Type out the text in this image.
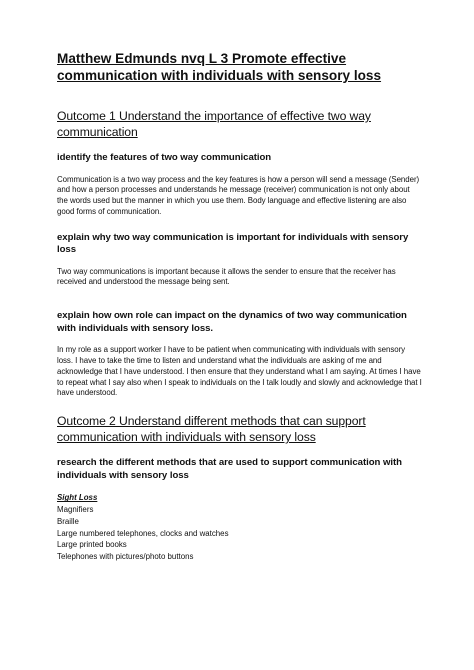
Matthew Edmunds nvq L 3 Promote effective communication with individuals with sensory loss
Outcome 1 Understand the importance of effective two way communication
identify the features of two way communication
Communication is a two way process and the key features is how a person will send a message (Sender) and how a person processes and understands he message (receiver) communication is not only about the words used but the manner in which you use them. Body language and effective listening are also good forms of communication.
explain why two way communication is important for individuals with sensory loss
Two way communications is important because it allows the sender to ensure that the receiver has received and understood the message being sent.
explain how own role can impact on the dynamics of two way communication with individuals with sensory loss.
In my role as a support worker I have to be patient when communicating with individuals with sensory loss. I have to take the time to listen and understand what the individuals are asking of me and acknowledge that I have understood. I then ensure that they understand what I am saying. At times I have to repeat what I say also when I speak to individuals on the I talk loudly and slowly and acknowledge that I have understood.
Outcome 2 Understand different methods that can support communication with individuals with sensory loss
research the different methods that are used to support communication with individuals with sensory loss
Sight Loss
Magnifiers
Braille
Large numbered telephones, clocks and watches
Large printed books
Telephones with pictures/photo buttons
